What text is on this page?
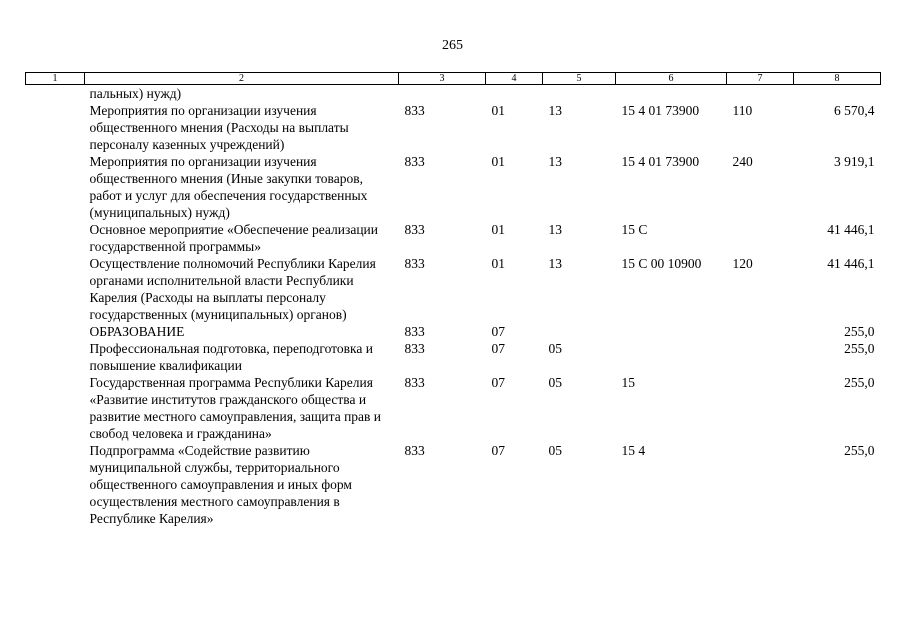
265
1	2	3	4	5	6	7	8
	пальных) нужд)						
	Мероприятия по организации изучения общественного мнения (Расходы на выплаты персоналу казенных учреждений)	833	01	13	15 4 01 73900	110	6 570,4
	Мероприятия по организации изучения общественного мнения (Иные закупки товаров, работ и услуг для обеспечения государственных (муниципальных) нужд)	833	01	13	15 4 01 73900	240	3 919,1
	Основное мероприятие «Обеспечение реализации государственной программы»	833	01	13	15 С		41 446,1
	Осуществление полномочий Республики Карелия органами исполнительной власти Республики Карелия (Расходы на выплаты персоналу государственных (муниципальных) органов)	833	01	13	15 С 00 10900	120	41 446,1
	ОБРАЗОВАНИЕ	833	07				255,0
	Профессиональная подготовка, переподготовка и повышение квалификации	833	07	05			255,0
	Государственная программа Республики Карелия «Развитие институтов гражданского общества и развитие местного самоуправления, защита прав и свобод человека и гражданина»	833	07	05	15		255,0
	Подпрограмма «Содействие развитию муниципальной службы, территориального общественного самоуправления и иных форм осуществления местного самоуправления в Республике Карелия»	833	07	05	15 4		255,0
